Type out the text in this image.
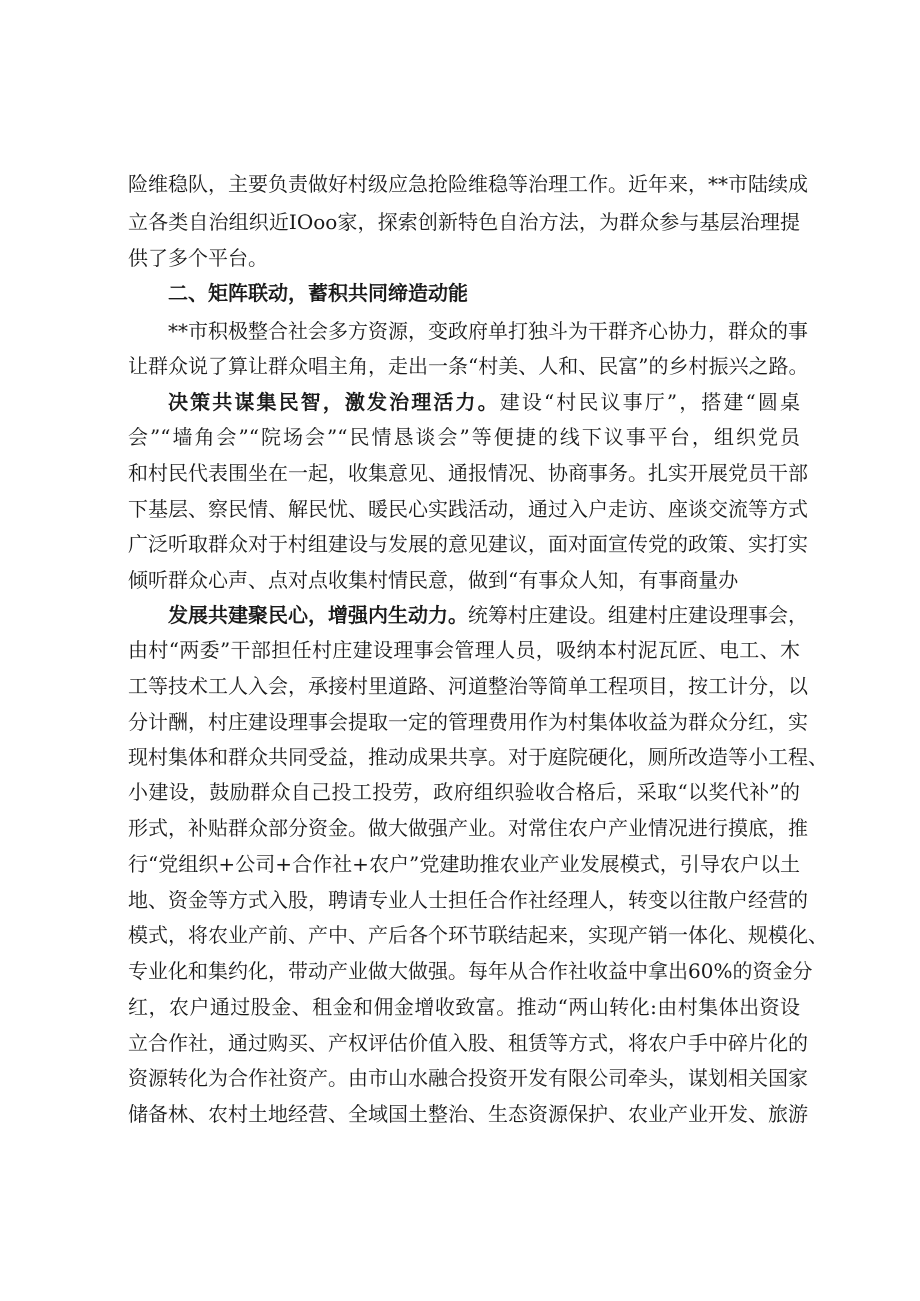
险维稳队，主要负责做好村级应急抢险维稳等治理工作。近年来，**市陆续成
立各类自治组织近IOoo家，探索创新特色自治方法，为群众参与基层治理提
供了多个平台。
二、矩阵联动，蓄积共同缔造动能
**市积极整合社会多方资源，变政府单打独斗为干群齐心协力，群众的事
让群众说了算让群众唱主角，走出一条“村美、人和、民富”的乡村振兴之路。
决策共谋集民智，激发治理活力。建设“村民议事厅”，搭建“圆桌
会”“墙角会”“院场会”“民情恳谈会”等便捷的线下议事平台，组织党员
和村民代表围坐在一起，收集意见、通报情况、协商事务。扎实开展党员干部
下基层、察民情、解民忧、暖民心实践活动，通过入户走访、座谈交流等方式
广泛听取群众对于村组建设与发展的意见建议，面对面宣传党的政策、实打实
倾听群众心声、点对点收集村情民意，做到“有事众人知，有事商量办
发展共建聚民心，增强内生动力。统筹村庄建设。组建村庄建设理事会，
由村“两委”干部担任村庄建设理事会管理人员，吸纳本村泥瓦匠、电工、木
工等技术工人入会，承接村里道路、河道整治等简单工程项目，按工计分，以
分计酬，村庄建设理事会提取一定的管理费用作为村集体收益为群众分红，实
现村集体和群众共同受益，推动成果共享。对于庭院硬化，厕所改造等小工程、
小建设，鼓励群众自己投工投劳，政府组织验收合格后，采取“以奖代补”的
形式，补贴群众部分资金。做大做强产业。对常住农户产业情况进行摸底，推
行“党组织+公司+合作社+农户”党建助推农业产业发展模式，引导农户以土
地、资金等方式入股，聘请专业人士担任合作社经理人，转变以往散户经营的
模式，将农业产前、产中、产后各个环节联结起来，实现产销一体化、规模化、
专业化和集约化，带动产业做大做强。每年从合作社收益中拿出60%的资金分
红，农户通过股金、租金和佣金增收致富。推动“两山转化:由村集体出资设
立合作社，通过购买、产权评估价值入股、租赁等方式，将农户手中碎片化的
资源转化为合作社资产。由市山水融合投资开发有限公司牵头，谋划相关国家
储备林、农村土地经营、全域国土整治、生态资源保护、农业产业开发、旅游
